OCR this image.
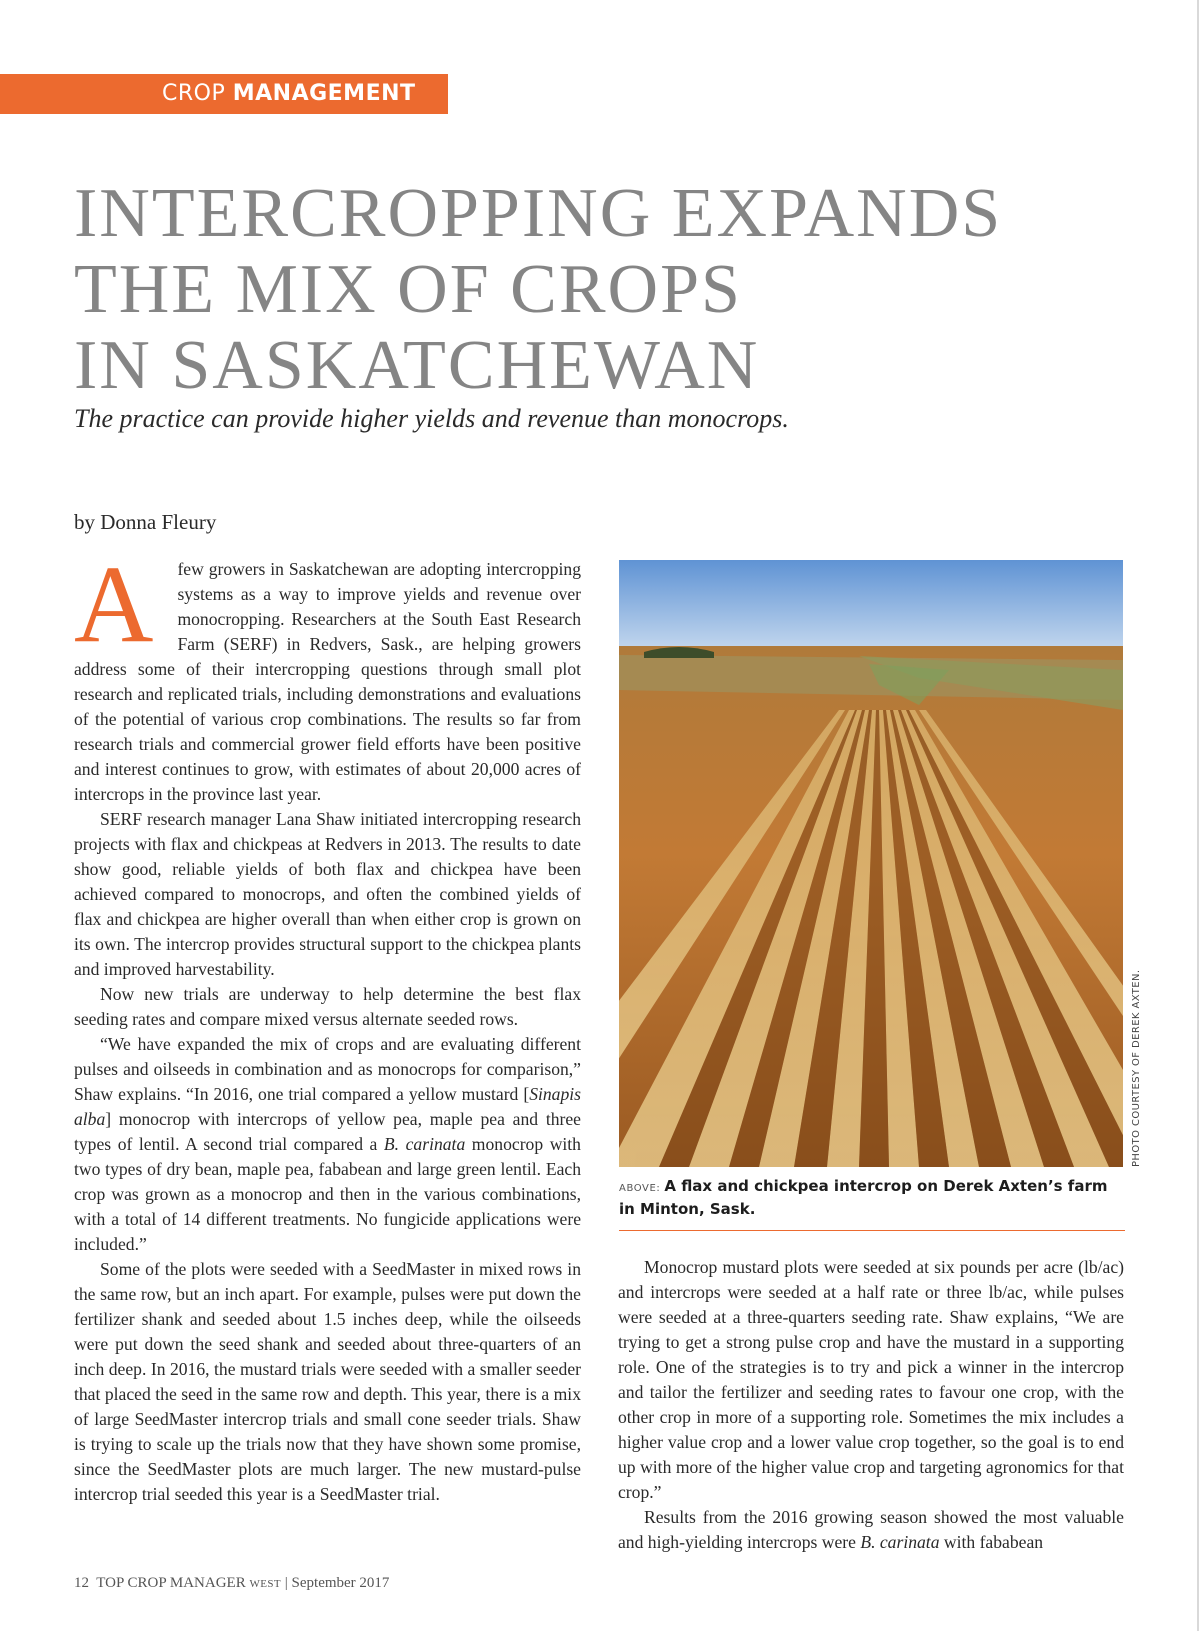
CROP MANAGEMENT
INTERCROPPING EXPANDS
THE MIX OF CROPS
IN SASKATCHEWAN

The practice can provide higher yields and revenue than monocrops.

by Donna Fleury

A few growers in Saskatchewan are adopting intercropping systems as a way to improve yields and revenue over monocropping. Researchers at the South East Research Farm (SERF) in Redvers, Sask., are helping growers address some of their intercropping questions through small plot research and replicated trials, including demonstrations and evaluations of the potential of various crop combinations. The results so far from research trials and commercial grower field efforts have been positive and interest continues to grow, with estimates of about 20,000 acres of intercrops in the province last year.

SERF research manager Lana Shaw initiated intercropping research projects with flax and chickpeas at Redvers in 2013. The results to date show good, reliable yields of both flax and chickpea have been achieved compared to monocrops, and often the combined yields of flax and chickpea are higher overall than when either crop is grown on its own. The intercrop provides structural support to the chickpea plants and improved harvestability.

Now new trials are underway to help determine the best flax seeding rates and compare mixed versus alternate seeded rows.

“We have expanded the mix of crops and are evaluating different pulses and oilseeds in combination and as monocrops for comparison,” Shaw explains. “In 2016, one trial compared a yellow mustard [Sinapis alba] monocrop with intercrops of yellow pea, maple pea and three types of lentil. A second trial compared a B. carinata monocrop with two types of dry bean, maple pea, fababean and large green lentil. Each crop was grown as a monocrop and then in the various combinations, with a total of 14 different treatments. No fungicide applications were included.”

Some of the plots were seeded with a SeedMaster in mixed rows in the same row, but an inch apart. For example, pulses were put down the fertilizer shank and seeded about 1.5 inches deep, while the oilseeds were put down the seed shank and seeded about three-quarters of an inch deep. In 2016, the mustard trials were seeded with a smaller seeder that placed the seed in the same row and depth. This year, there is a mix of large SeedMaster intercrop trials and small cone seeder trials. Shaw is trying to scale up the trials now that they have shown some promise, since the SeedMaster plots are much larger. The new mustard-pulse intercrop trial seeded this year is a SeedMaster trial.

PHOTO COURTESY OF DEREK AXTEN.
ABOVE: A flax and chickpea intercrop on Derek Axten’s farm in Minton, Sask.

Monocrop mustard plots were seeded at six pounds per acre (lb/ac) and intercrops were seeded at a half rate or three lb/ac, while pulses were seeded at a three-quarters seeding rate. Shaw explains, “We are trying to get a strong pulse crop and have the mustard in a supporting role. One of the strategies is to try and pick a winner in the intercrop and tailor the fertilizer and seeding rates to favour one crop, with the other crop in more of a supporting role. Sometimes the mix includes a higher value crop and a lower value crop together, so the goal is to end up with more of the higher value crop and targeting agronomics for that crop.”

Results from the 2016 growing season showed the most valuable and high-yielding intercrops were B. carinata with fababean

12 TOP CROP MANAGER WEST | September 2017
